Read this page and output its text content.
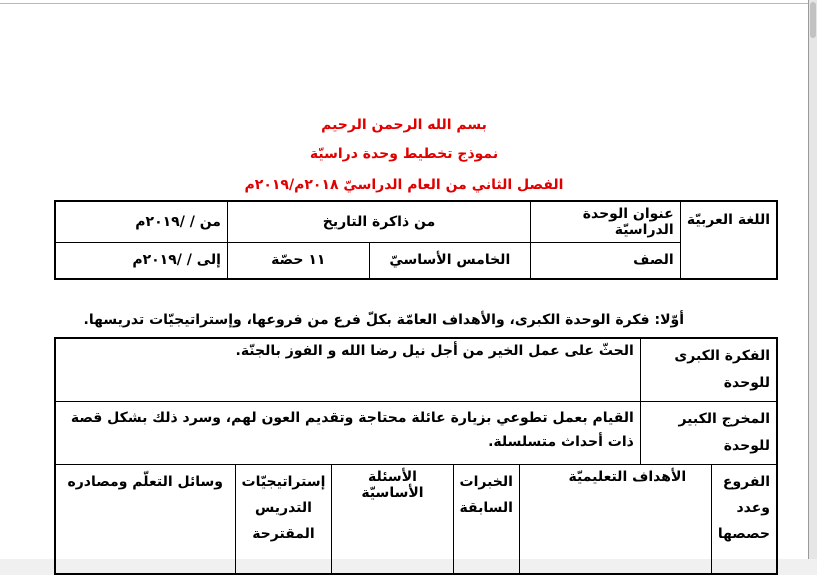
بسم الله الرحمن الرحيم
نموذج تخطيط وحدة دراسيّة
الفصل الثاني من العام الدراسيّ ٢٠١٨م/٢٠١٩م
اللغة العربيّة	عنوان الوحدة الدراسيّة	من ذاكرة التاريخ		من / /٢٠١٩م
	الصف	الخامس الأساسيّ	١١ حصّة	إلى / /٢٠١٩م
أوّلا: فكرة الوحدة الكبرى، والأهداف العامّة بكلّ فرع من فروعها، وإستراتيجيّات تدريسها.
الفكرة الكبرى للوحدة		الحثّ على عمل الخير من أجل نيل رضا الله و الفوز بالجنّة.				
المخرج الكبير للوحدة		القيام بعمل تطوعي بزيارة عائلة محتاجة وتقديم العون لهم، وسرد ذلك بشكل قصة ذات أحداث متسلسلة.				
الفروع وعدد حصصها	الأهداف التعليميّة		الخبرات السابقة	الأسئلة الأساسيّة	إستراتيجيّات التدريس المقترحة	وسائل التعلّم ومصادره
